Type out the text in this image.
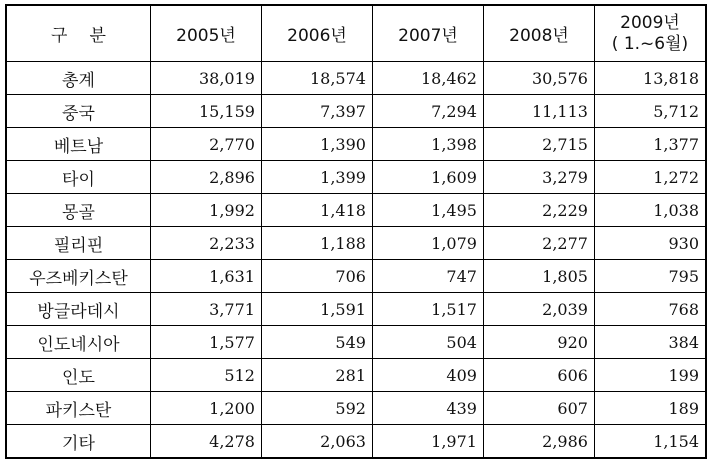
구 분	2005년	2006년	2007년	2008년	2009년
( 1.~6월)

총계	38,019	18,574	18,462	30,576	13,818
중국	15,159	7,397	7,294	11,113	5,712
베트남	2,770	1,390	1,398	2,715	1,377
타이	2,896	1,399	1,609	3,279	1,272
몽골	1,992	1,418	1,495	2,229	1,038
필리핀	2,233	1,188	1,079	2,277	930
우즈베키스탄	1,631	706	747	1,805	795
방글라데시	3,771	1,591	1,517	2,039	768
인도네시아	1,577	549	504	920	384
인도	512	281	409	606	199
파키스탄	1,200	592	439	607	189
기타	4,278	2,063	1,971	2,986	1,154
